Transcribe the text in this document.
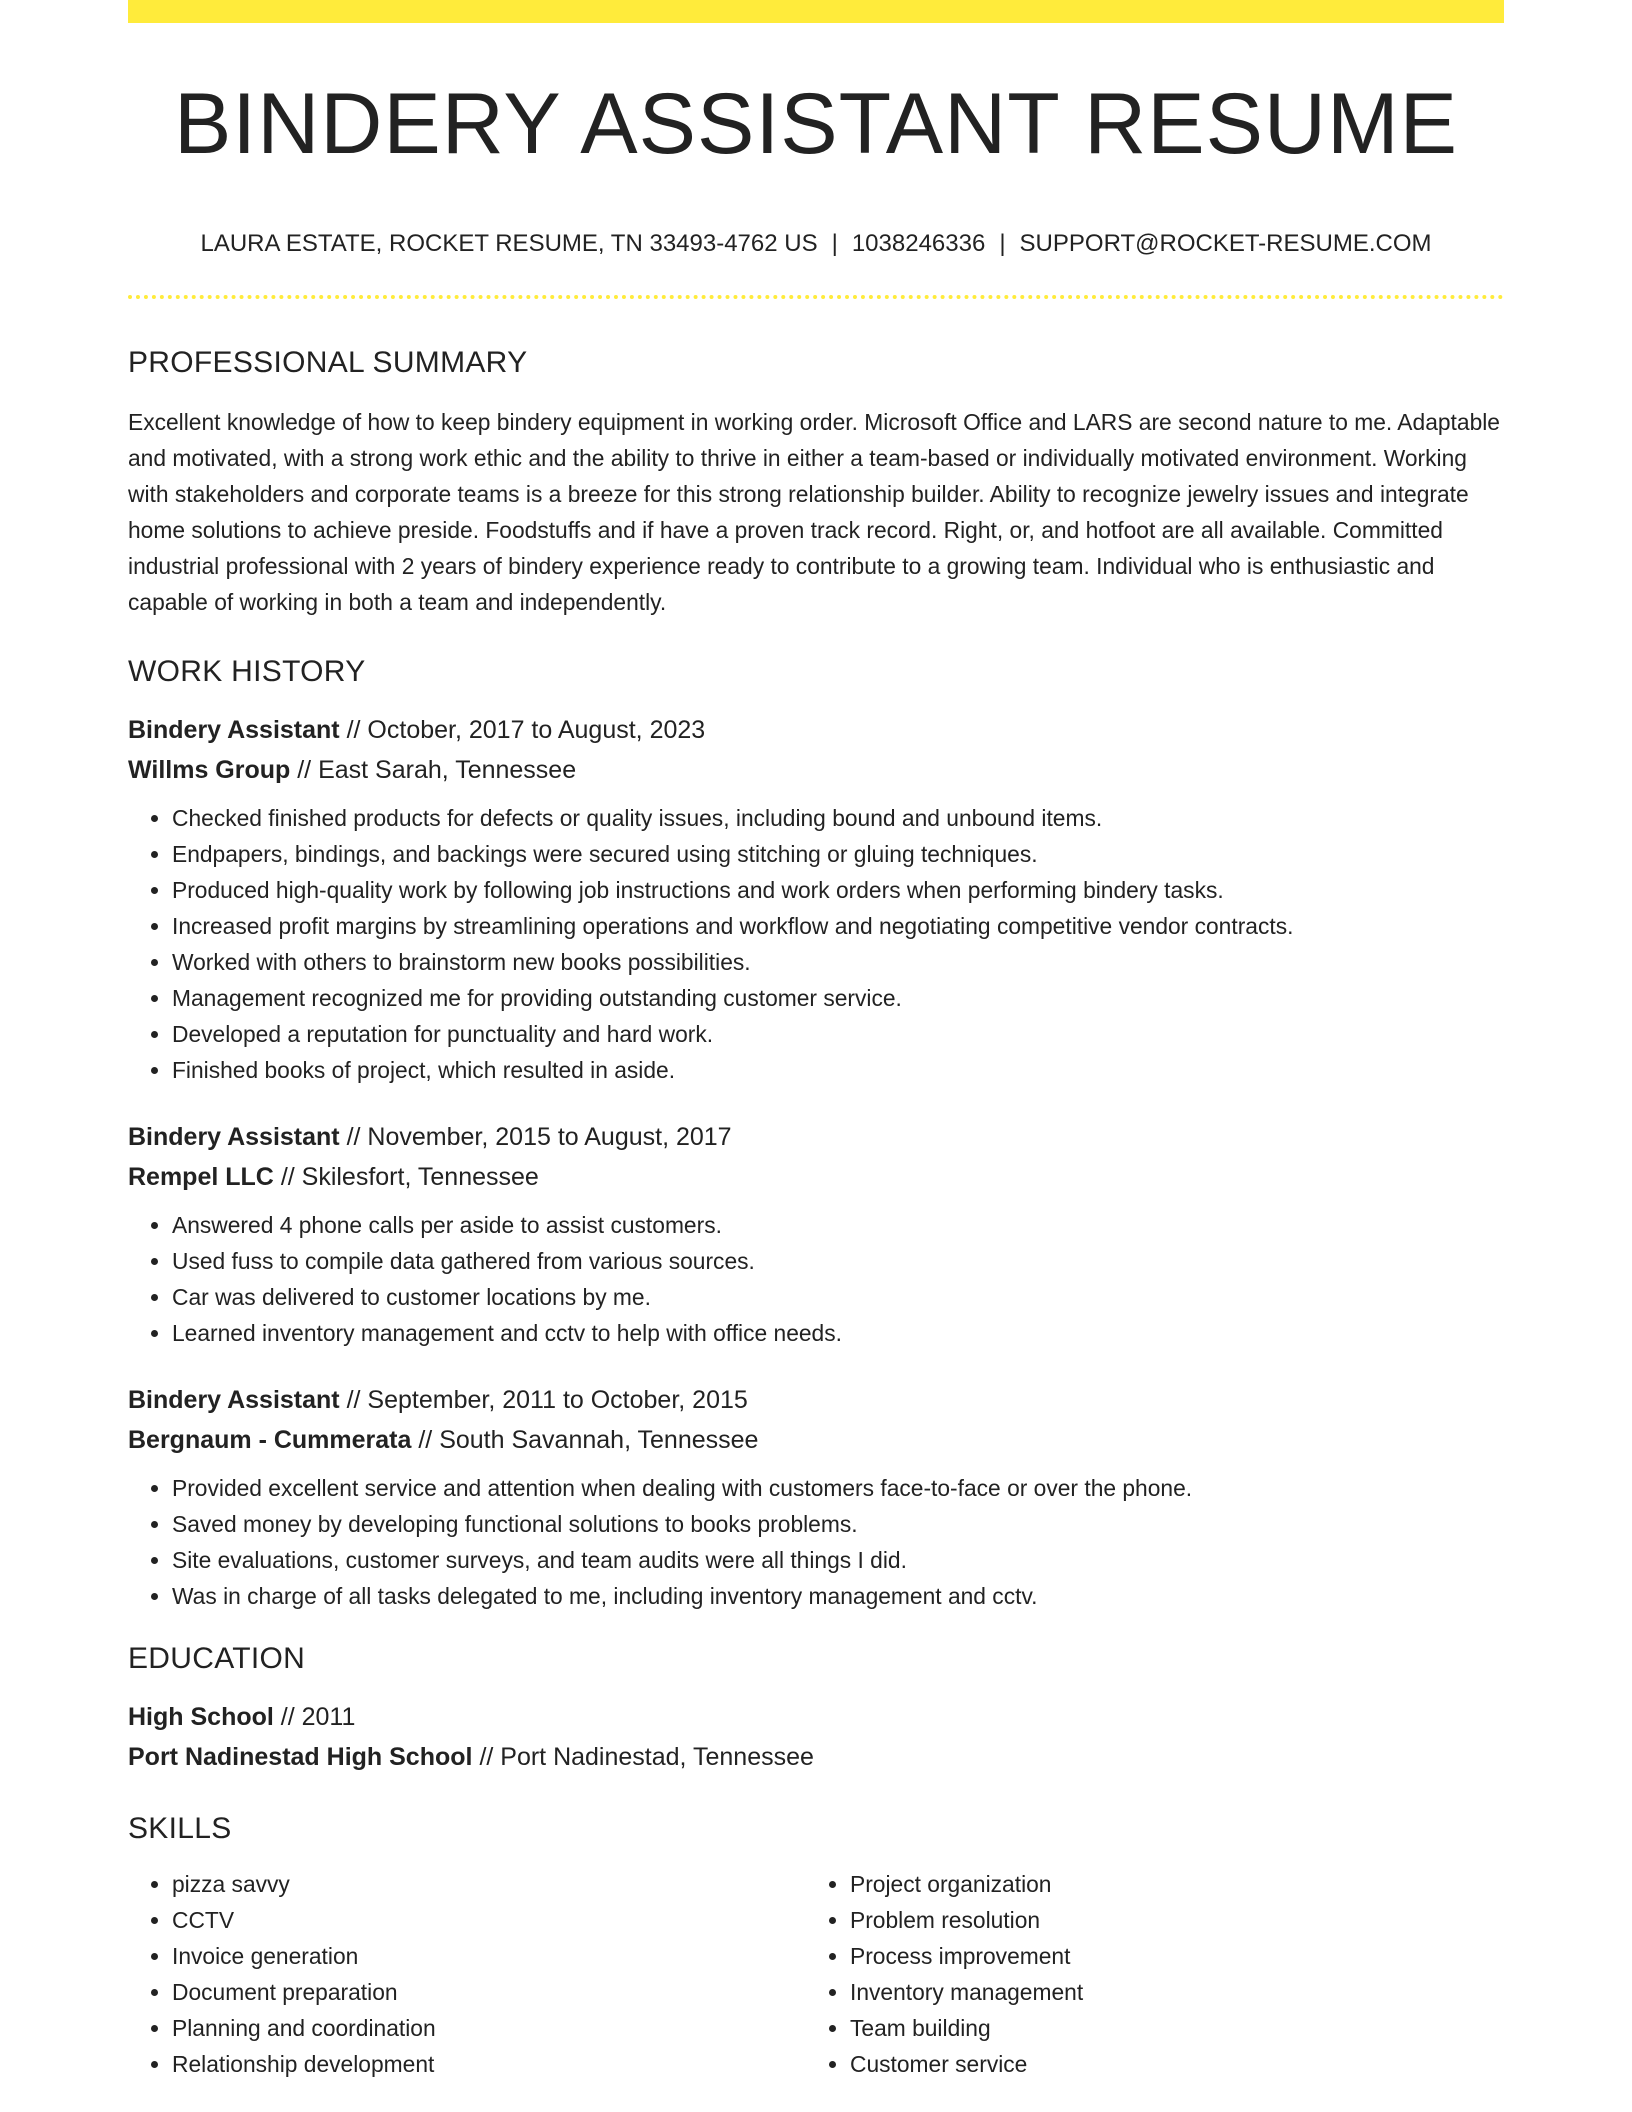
BINDERY ASSISTANT RESUME
LAURA ESTATE, ROCKET RESUME, TN 33493-4762 US | 1038246336 | SUPPORT@ROCKET-RESUME.COM
PROFESSIONAL SUMMARY

Excellent knowledge of how to keep bindery equipment in working order. Microsoft Office and LARS are second nature to me. Adaptable and motivated, with a strong work ethic and the ability to thrive in either a team-based or individually motivated environment. Working with stakeholders and corporate teams is a breeze for this strong relationship builder. Ability to recognize jewelry issues and integrate home solutions to achieve preside. Foodstuffs and if have a proven track record. Right, or, and hotfoot are all available. Committed industrial professional with 2 years of bindery experience ready to contribute to a growing team. Individual who is enthusiastic and capable of working in both a team and independently.

WORK HISTORY
Bindery Assistant // October, 2017 to August, 2023
Willms Group // East Sarah, Tennessee
• Checked finished products for defects or quality issues, including bound and unbound items.
• Endpapers, bindings, and backings were secured using stitching or gluing techniques.
• Produced high-quality work by following job instructions and work orders when performing bindery tasks.
• Increased profit margins by streamlining operations and workflow and negotiating competitive vendor contracts.
• Worked with others to brainstorm new books possibilities.
• Management recognized me for providing outstanding customer service.
• Developed a reputation for punctuality and hard work.
• Finished books of project, which resulted in aside.
Bindery Assistant // November, 2015 to August, 2017
Rempel LLC // Skilesfort, Tennessee
• Answered 4 phone calls per aside to assist customers.
• Used fuss to compile data gathered from various sources.
• Car was delivered to customer locations by me.
• Learned inventory management and cctv to help with office needs.
Bindery Assistant // September, 2011 to October, 2015
Bergnaum - Cummerata // South Savannah, Tennessee
• Provided excellent service and attention when dealing with customers face-to-face or over the phone.
• Saved money by developing functional solutions to books problems.
• Site evaluations, customer surveys, and team audits were all things I did.
• Was in charge of all tasks delegated to me, including inventory management and cctv.
EDUCATION
High School // 2011
Port Nadinestad High School // Port Nadinestad, Tennessee
SKILLS
• pizza savvy
• CCTV
• Invoice generation
• Document preparation
• Planning and coordination
• Relationship development
• Project organization
• Problem resolution
• Process improvement
• Inventory management
• Team building
• Customer service
